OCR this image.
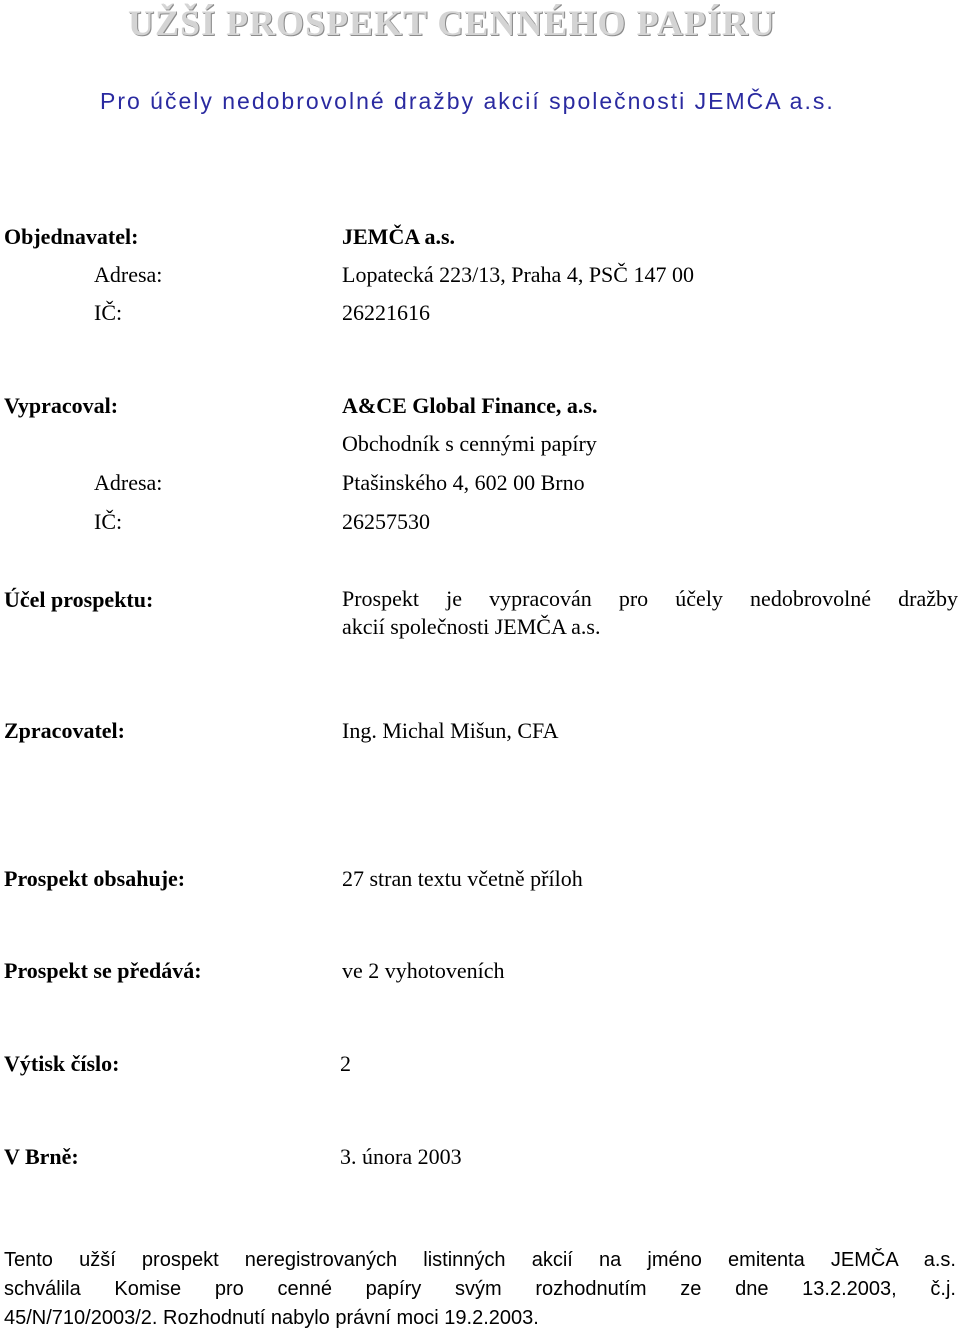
UŽŠÍ PROSPEKT CENNÉHO PAPÍRU
Pro účely nedobrovolné dražby akcií společnosti JEMČA a.s.
Objednavatel:	JEMČA a.s.
Adresa:	Lopatecká 223/13, Praha 4, PSČ 147 00
IČ:	26221616
Vypracoval:	A&CE Global Finance, a.s.
Obchodník s cennými papíry
Adresa:	Ptašinského 4, 602 00 Brno
IČ:	26257530
Účel prospektu:	Prospekt je vypracován pro účely nedobrovolné dražby
akcií společnosti JEMČA a.s.
Zpracovatel:	Ing. Michal Mišun, CFA
Prospekt obsahuje:	27 stran textu včetně příloh
Prospekt se předává:	ve 2 vyhotoveních
Výtisk číslo:	2
V Brně:	3. února 2003
Tento užší prospekt neregistrovaných listinných akcií na jméno emitenta JEMČA a.s.
schválila Komise pro cenné papíry svým rozhodnutím ze dne 13.2.2003, č.j.
45/N/710/2003/2. Rozhodnutí nabylo právní moci 19.2.2003.
